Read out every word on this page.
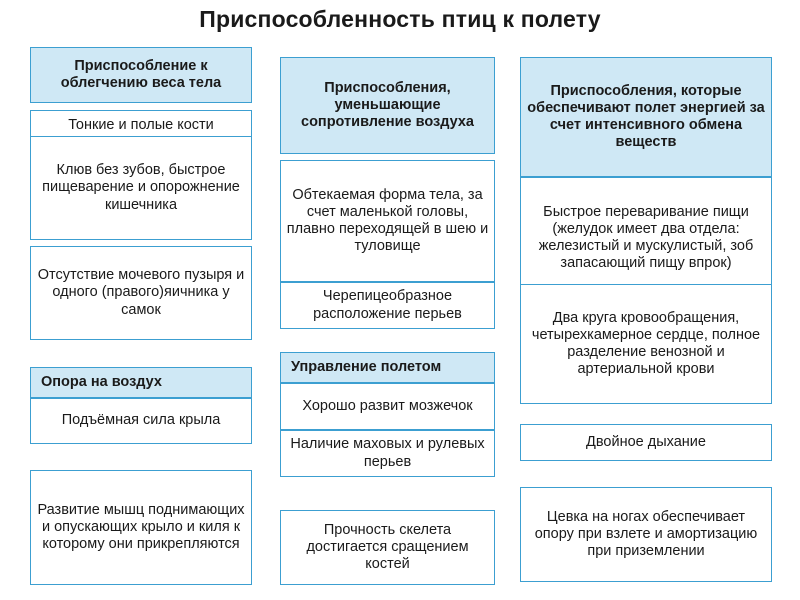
Приспособленность птиц к полету
Приспособление к облегчению веса тела
Тонкие и полые кости
Клюв без зубов, быстрое пищеварение и опорожнение кишечника
Отсутствие мочевого пузыря и одного (правого)яичника у самок
Опора на воздух
Подъёмная сила крыла
Развитие мышц поднимающих и опускающих крыло и киля к которому они прикрепляются
Приспособления, уменьшающие сопротивление воздуха
Обтекаемая форма тела, за счет маленькой головы, плавно переходящей в шею и туловище
Черепицеобразное расположение перьев
Управление полетом
Хорошо развит мозжечок
Наличие маховых и рулевых перьев
Прочность скелета достигается сращением костей
Приспособления, которые обеспечивают полет энергией за счет интенсивного обмена веществ
Быстрое переваривание пищи (желудок имеет два отдела: железистый и мускулистый, зоб запасающий пищу впрок)
Два круга кровообращения, четырехкамерное сердце, полное разделение венозной и артериальной крови
Двойное дыхание
Цевка на ногах обеспечивает опору при взлете и амортизацию при приземлении
